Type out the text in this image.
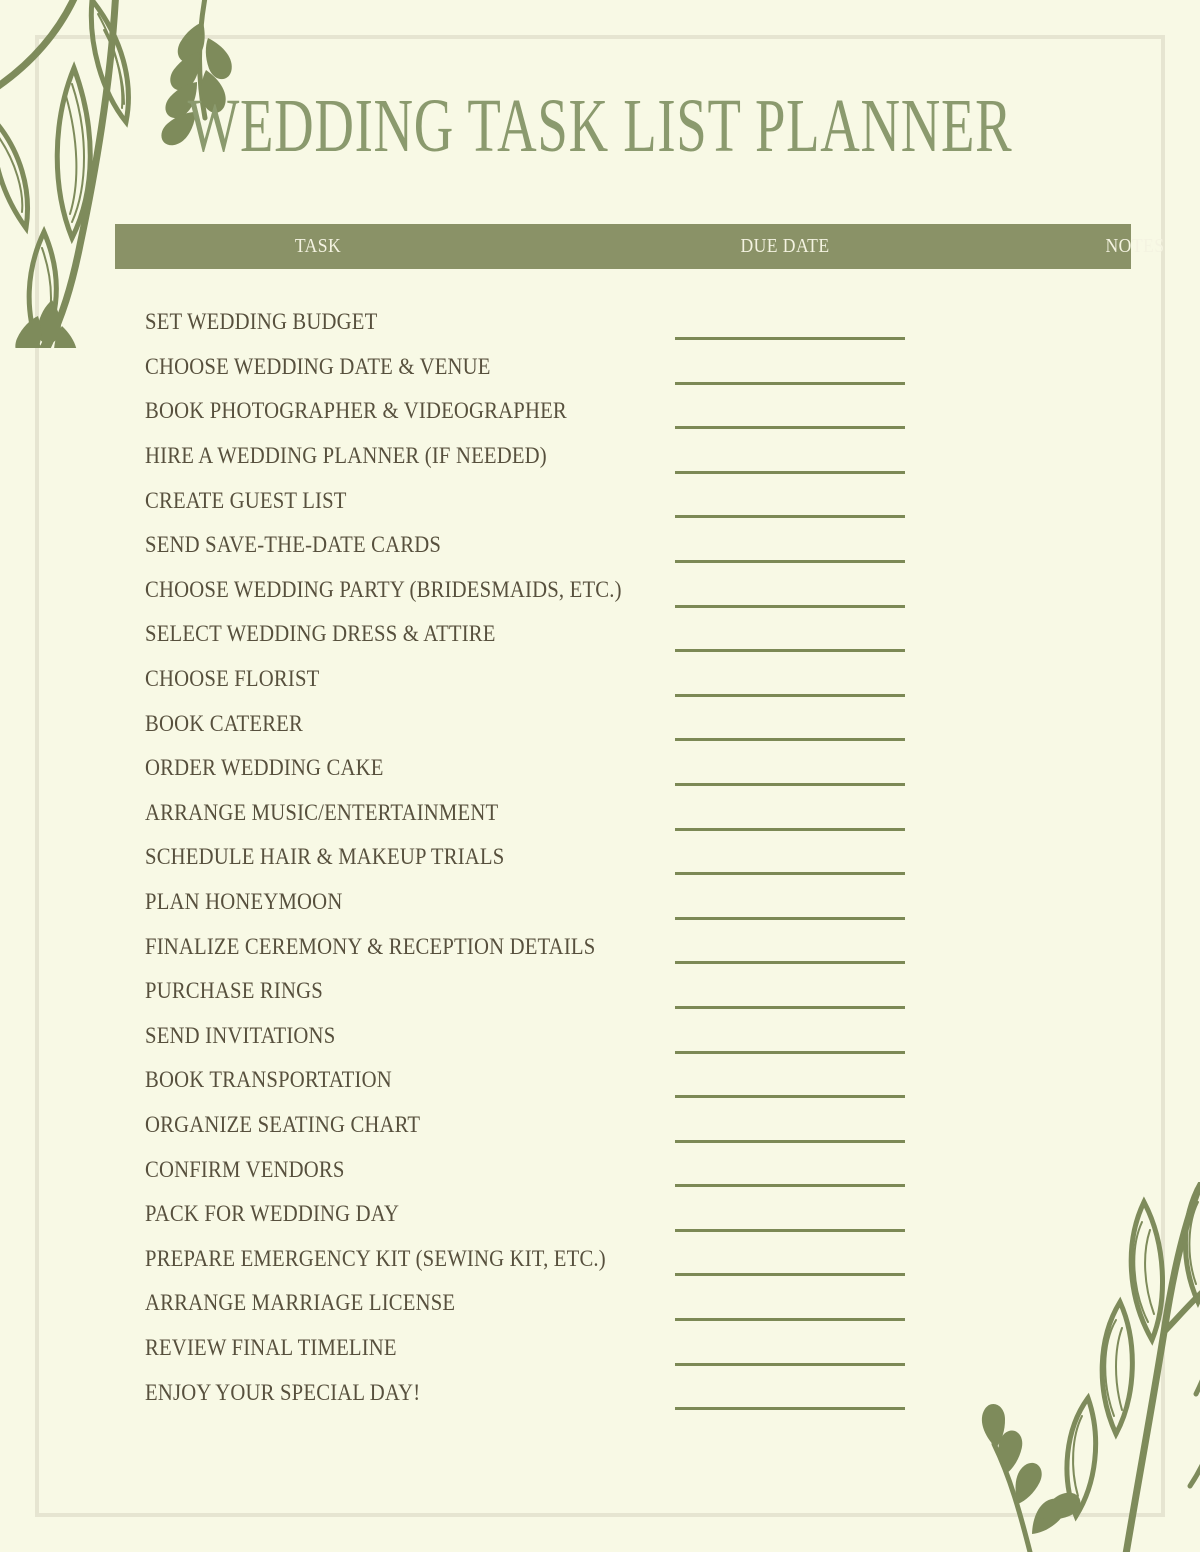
WEDDING TASK LIST PLANNER
TASK	DUE DATE	NOTES
SET WEDDING BUDGET
CHOOSE WEDDING DATE & VENUE
BOOK PHOTOGRAPHER & VIDEOGRAPHER
HIRE A WEDDING PLANNER (IF NEEDED)
CREATE GUEST LIST
SEND SAVE-THE-DATE CARDS
CHOOSE WEDDING PARTY (BRIDESMAIDS, ETC.)
SELECT WEDDING DRESS & ATTIRE
CHOOSE FLORIST
BOOK CATERER
ORDER WEDDING CAKE
ARRANGE MUSIC/ENTERTAINMENT
SCHEDULE HAIR & MAKEUP TRIALS
PLAN HONEYMOON
FINALIZE CEREMONY & RECEPTION DETAILS
PURCHASE RINGS
SEND INVITATIONS
BOOK TRANSPORTATION
ORGANIZE SEATING CHART
CONFIRM VENDORS
PACK FOR WEDDING DAY
PREPARE EMERGENCY KIT (SEWING KIT, ETC.)
ARRANGE MARRIAGE LICENSE
REVIEW FINAL TIMELINE
ENJOY YOUR SPECIAL DAY!
